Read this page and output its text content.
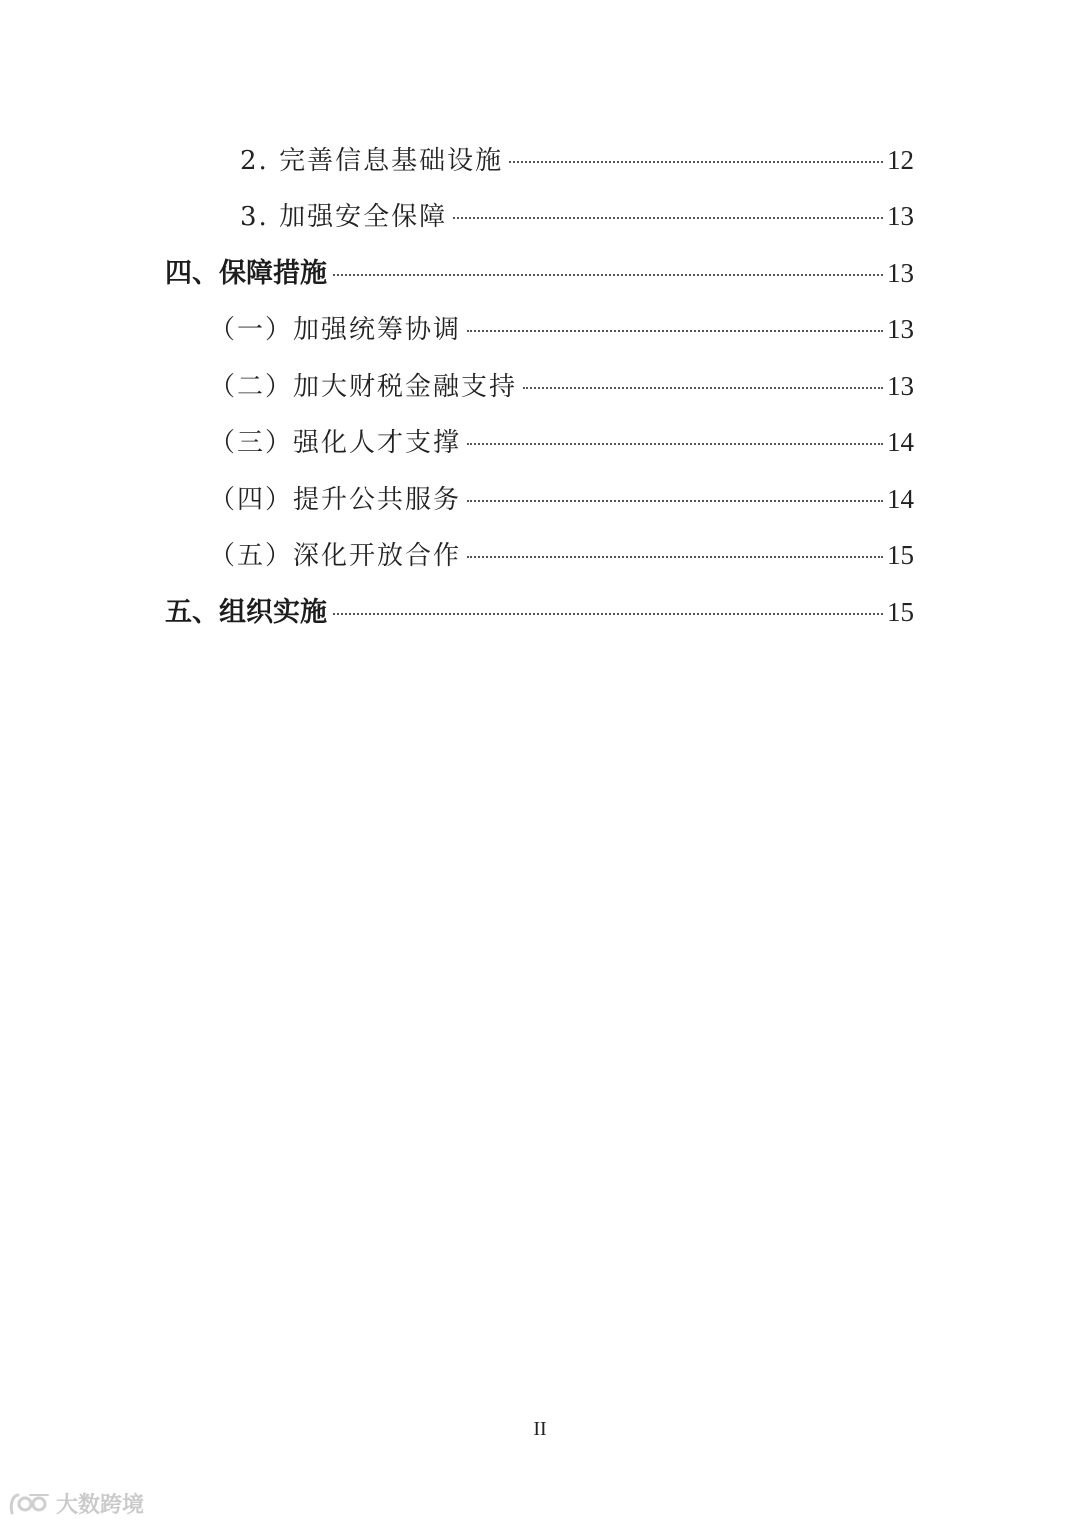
2. 完善信息基础设施	12
3. 加强安全保障	13
四、保障措施	13
（一）加强统筹协调	13
（二）加大财税金融支持	13
（三）强化人才支撑	14
（四）提升公共服务	14
（五）深化开放合作	15
五、组织实施	15
II
大数跨境
